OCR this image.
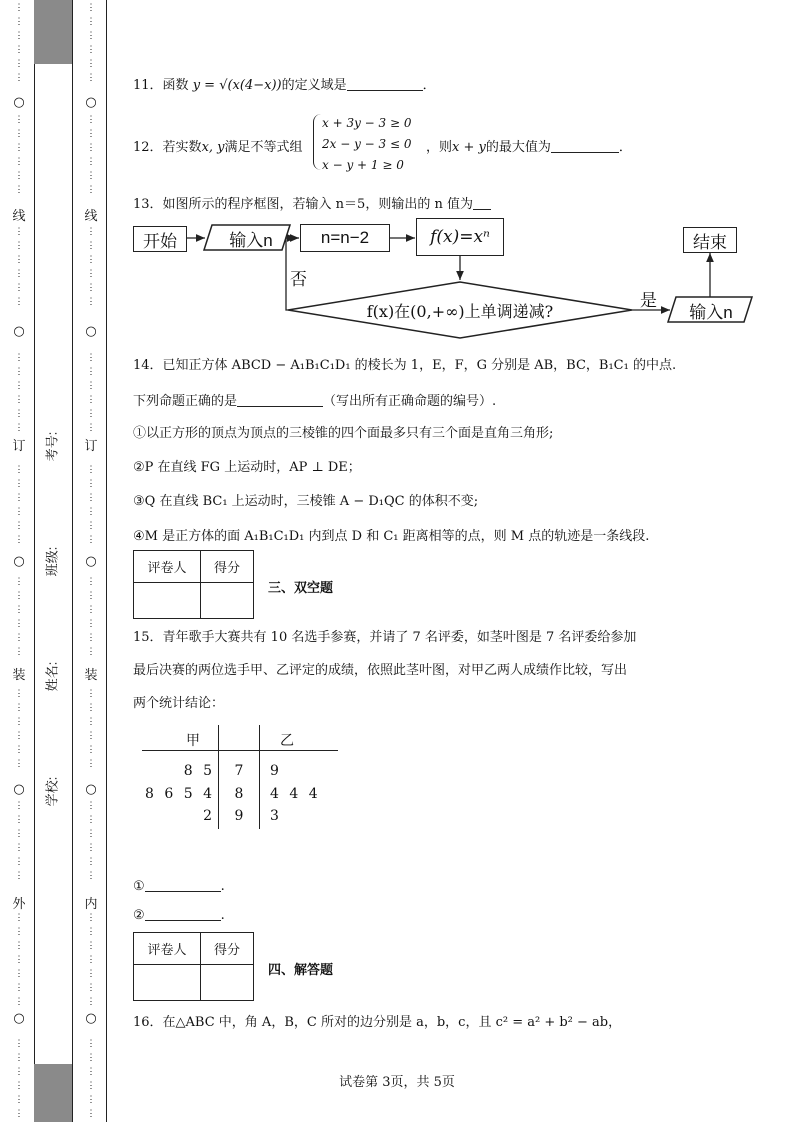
⋮
⋮
⋮
⋮
⋮
⋮
⋮
⋮
⋮
⋮
⋮
⋮
⋮
⋮
⋮
⋮
⋮
⋮
⋮
⋮
⋮
⋮
⋮
⋮
⋮
⋮
⋮
⋮
⋮
⋮
⋮
⋮
⋮
⋮
⋮
⋮
⋮
⋮
⋮
⋮
⋮
⋮
⋮
⋮
⋮
⋮
⋮
⋮
⋮
⋮
⋮
⋮
⋮
⋮
⋮
⋮
⋮
⋮
⋮
⋮
⋮
⋮
⋮
⋮
⋮
⋮
⋮
⋮
⋮
⋮
⋮
⋮
⋮
⋮
⋮
⋮
⋮
⋮
⋮
⋮
⋮
⋮
⋮
⋮
⋮
⋮
⋮
⋮
⋮
⋮
⋮
⋮
⋮
⋮
⋮
⋮
⋮
⋮
⋮
⋮
⋮
⋮
⋮
⋮
⋮
⋮
⋮
⋮
⋮
⋮
⋮
⋮
⋮
⋮
⋮
⋮
⋮
⋮
⋮
⋮
⋮
⋮
○
线
○
订
○
装
○
外
○
○
线
○
订
○
装
○
内
○
考号:
班级:
姓名:
学校:
11．函数 y = √(x(4−x))的定义域是	．
12．若实数x, y满足不等式组
x + 3y − 3 ≥ 0
2x − y − 3 ≤ 0
x − y + 1 ≥ 0
，则x + y的最大值为	．
13．如图所示的程序框图，若输入 n＝5，则输出的 n 值为
开始	输入n	n=n−2	f(x)=xⁿ
f(x)在(0,+∞)上单调递减?
否
是
输入n
结束
14．已知正方体 ABCD − A₁B₁C₁D₁ 的棱长为 1，E，F，G 分别是 AB，BC，B₁C₁ 的中点.
下列命题正确的是	（写出所有正确命题的编号）.
①以正方形的顶点为顶点的三棱锥的四个面最多只有三个面是直角三角形;
②P 在直线 FG 上运动时，AP ⊥ DE；
③Q 在直线 BC₁ 上运动时，三棱锥 A − D₁QC 的体积不变;
④M 是正方体的面 A₁B₁C₁D₁ 内到点 D 和 C₁ 距离相等的点，则 M 点的轨迹是一条线段.
评卷人	得分

三、双空题
15．青年歌手大赛共有 10 名选手参赛，并请了 7 名评委，如茎叶图是 7 名评委给参加
最后决赛的两位选手甲、乙评定的成绩，依照此茎叶图，对甲乙两人成绩作比较，写出
两个统计结论：
甲	乙
8 5	7	9
8 6 5 4	8	4 4 4
2	9	3
①	.
②	.
评卷人	得分

四、解答题
16．在△ABC 中，角 A，B，C 所对的边分别是 a，b，c，且 c² = a² + b² − ab，
试卷第 3页，共 5页
